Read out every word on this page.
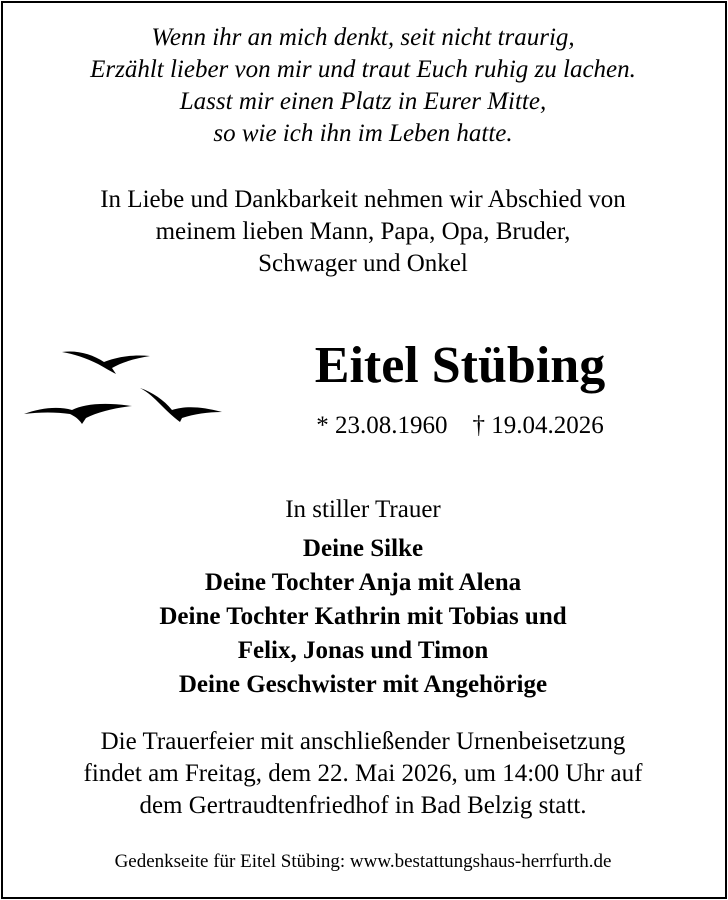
Wenn ihr an mich denkt, seit nicht traurig,
Erzählt lieber von mir und traut Euch ruhig zu lachen.
Lasst mir einen Platz in Eurer Mitte,
so wie ich ihn im Leben hatte.
In Liebe und Dankbarkeit nehmen wir Abschied von
meinem lieben Mann, Papa, Opa, Bruder,
Schwager und Onkel
Eitel Stübing
* 23.08.1960 † 19.04.2026
In stiller Trauer
Deine Silke
Deine Tochter Anja mit Alena
Deine Tochter Kathrin mit Tobias und
Felix, Jonas und Timon
Deine Geschwister mit Angehörige
Die Trauerfeier mit anschließender Urnenbeisetzung
findet am Freitag, dem 22. Mai 2026, um 14:00 Uhr auf
dem Gertraudtenfriedhof in Bad Belzig statt.
Gedenkseite für Eitel Stübing: www.bestattungshaus-herrfurth.de
